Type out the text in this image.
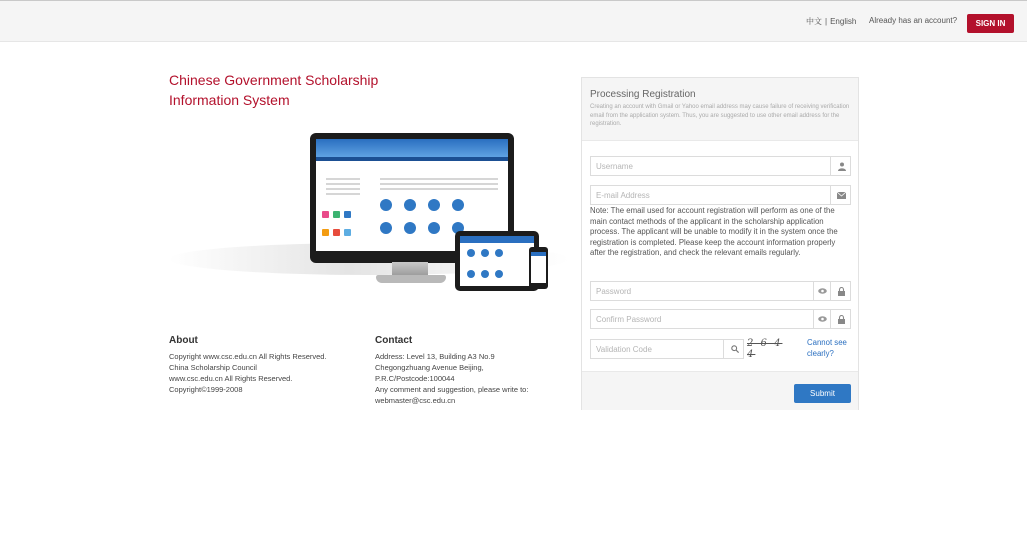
中文 | English Already has an account?	SIGN IN
Chinese Government Scholarship
Information System
About
Copyright www.csc.edu.cn All Rights Reserved.
China Scholarship Council
www.csc.edu.cn All Rights Reserved.
Copyright©1999-2008
Contact
Address: Level 13, Building A3 No.9
Chegongzhuang Avenue Beijing,
P.R.C/Postcode:100044
Any comment and suggestion, please write to:
webmaster@csc.edu.cn
Processing Registration
Creating an account with Gmail or Yahoo email address may cause failure of receiving verification email from the application system. Thus, you are suggested to use other email address for the registration.
Username
E-mail Address
Note: The email used for account registration will perform as one of the main contact methods of the applicant in the scholarship application process. The applicant will be unable to modify it in the system once the registration is completed. Please keep the account information properly after the registration, and check the relevant emails regularly.
Validation Code
2 6 4 4
Cannot see clearly?
Submit
